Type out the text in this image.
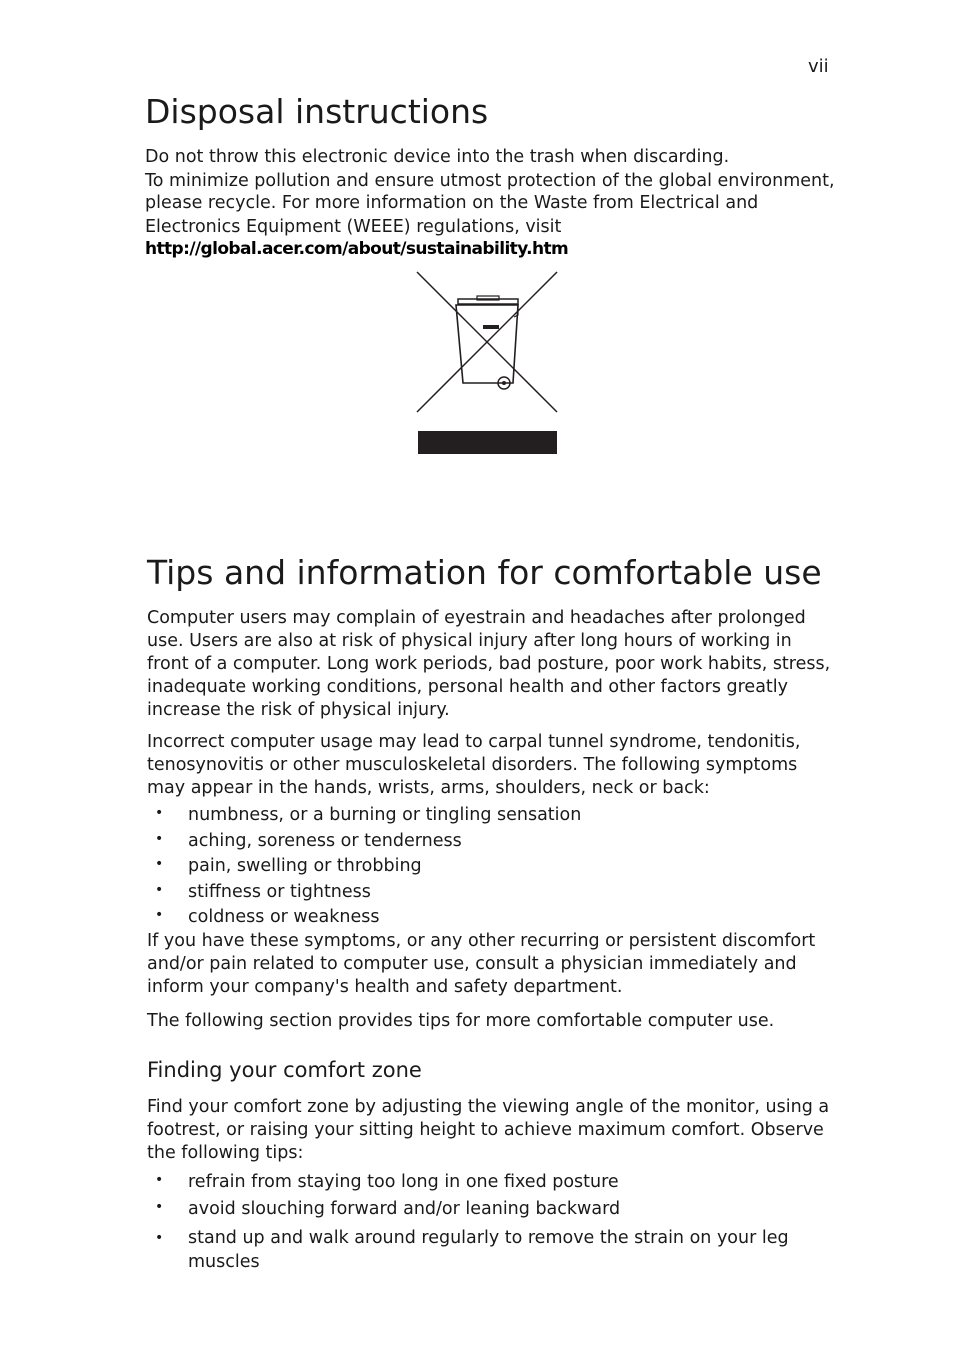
vii
Disposal instructions

Do not throw this electronic device into the trash when discarding.

To minimize pollution and ensure utmost protection of the global environment,

please recycle. For more information on the Waste from Electrical and

Electronics Equipment (WEEE) regulations, visit

http://global.acer.com/about/sustainability.htm
Tips and information for comfortable use

Computer users may complain of eyestrain and headaches after prolonged use. Users are also at risk of physical injury after long hours of working in front of a computer. Long work periods, bad posture, poor work habits, stress, inadequate working conditions, personal health and other factors greatly increase the risk of physical injury.

Incorrect computer usage may lead to carpal tunnel syndrome, tendonitis, tenosynovitis or other musculoskeletal disorders. The following symptoms may appear in the hands, wrists, arms, shoulders, neck or back:

• numbness, or a burning or tingling sensation
• aching, soreness or tenderness
• pain, swelling or throbbing
• stiffness or tightness
• coldness or weakness

If you have these symptoms, or any other recurring or persistent discomfort and/or pain related to computer use, consult a physician immediately and inform your company's health and safety department.

The following section provides tips for more comfortable computer use.

Finding your comfort zone

Find your comfort zone by adjusting the viewing angle of the monitor, using a footrest, or raising your sitting height to achieve maximum comfort. Observe the following tips:

• refrain from staying too long in one fixed posture
• avoid slouching forward and/or leaning backward
• stand up and walk around regularly to remove the strain on your leg muscles
